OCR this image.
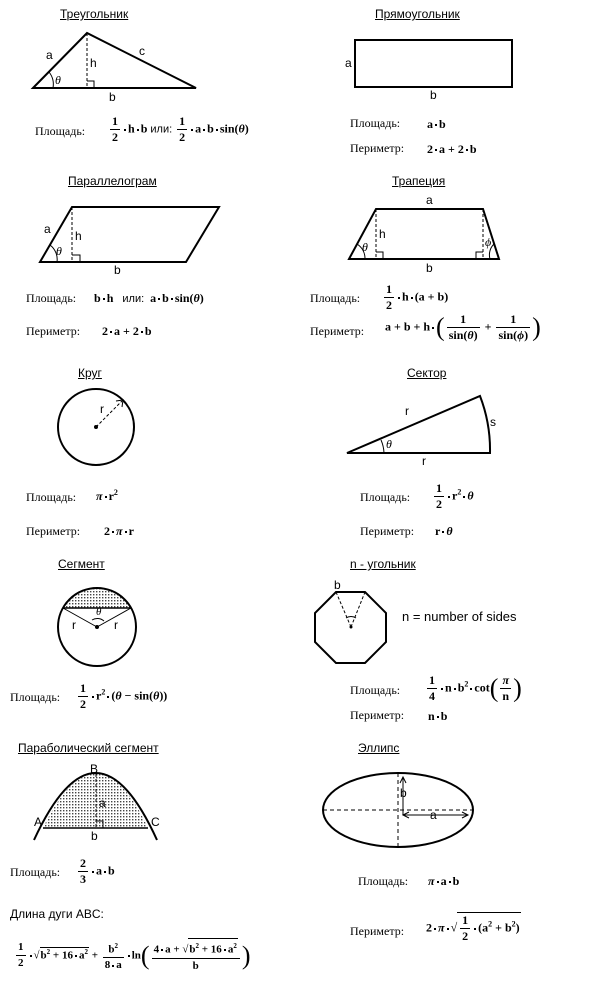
Треугольник
a	c
h
b
θ
Площадь: $\frac{1}{2}$ h b или: $\frac{1}{2}$ a b sin(θ)
Прямоугольник
a
b
Площадь: a b
Периметр: 2 a + 2 b
Параллелограм
a h
b
θ
Площадь: b h   или:  a b sin(θ)
Периметр: 2 a + 2 b
Трапеция
a
h
b
θ	ϕ
Площадь: $\frac{1}{2}$ h (a + b)
Периметр: a + b + h ( $\frac{1}{\sin(\theta)} + \frac{1}{\sin(\phi)}$ )
Круг
r
Площадь: π $r^2$
Периметр: 2 π r
Сектор
r
s
r
θ
Площадь: $\frac{1}{2} r^2$ θ
Периметр: r θ
Сегмент
r	r
θ
Площадь: $\frac{1}{2} r^2$ (θ − sin(θ))
n - угольник
b
n = number of sides
Площадь: $\frac{1}{4}$ n $b^2$ $\cot( \frac{\pi}{n}$ )
Периметр: n b
Параболический сегмент
B
A	C
a
b
Площадь: $\frac{2}{3}$ a b
Длина дуги ABC:
$\frac{1}{2} √b^2 + 16$ $a^2 + \frac{b^2}{8 a} \ln( \frac{4 a + √b^2 + 16 a^2}{b}$ )
Эллипс
b
a
Площадь: π a b
Периметр: 2 π √ $\frac{1}{2} (a^2 + b^2)$
